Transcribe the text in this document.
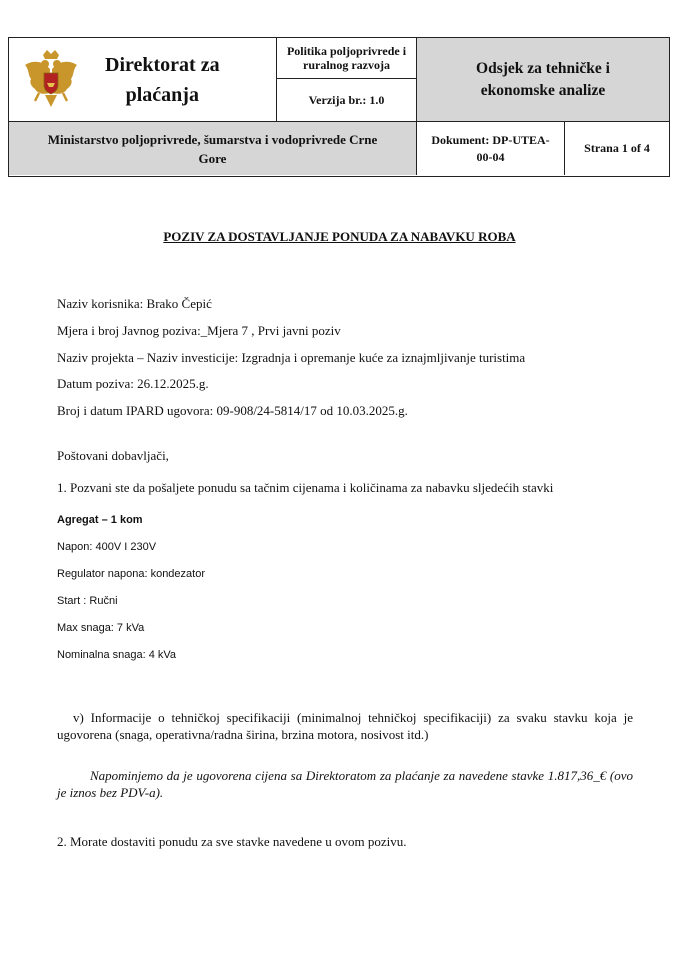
Direktorat za
plaćanja
Politika poljoprivrede i
ruralnog razvoja
Verzija br.: 1.0
Odsjek za tehničke i
ekonomske analize
Ministarstvo poljoprivrede, šumarstva i vodoprivrede Crne
Gore
Dokument: DP-UTEA-
00-04
Strana 1 of 4
POZIV ZA DOSTAVLJANJE PONUDA ZA NABAVKU ROBA
Naziv korisnika: Brako Čepić
Mjera i broj Javnog poziva:_Mjera 7 , Prvi javni poziv
Naziv projekta – Naziv investicije: Izgradnja i opremanje kuće za iznajmljivanje turistima
Datum poziva: 26.12.2025.g.
Broj i datum IPARD ugovora: 09-908/24-5814/17 od 10.03.2025.g.
Poštovani dobavljači,
1. Pozvani ste da pošaljete ponudu sa tačnim cijenama i količinama za nabavku sljedećih stavki
Agregat – 1 kom
Napon: 400V I 230V
Regulator napona: kondezator
Start : Ručni
Max snaga: 7 kVa
Nominalna snaga: 4 kVa
v) Informacije o tehničkoj specifikaciji (minimalnoj tehničkoj specifikaciji) za svaku stavku koja je ugovorena (snaga, operativna/radna širina, brzina motora, nosivost itd.)
Napominjemo da je ugovorena cijena sa Direktoratom za plaćanje za navedene stavke 1.817,36_€ (ovo je iznos bez PDV-a).
2. Morate dostaviti ponudu za sve stavke navedene u ovom pozivu.
